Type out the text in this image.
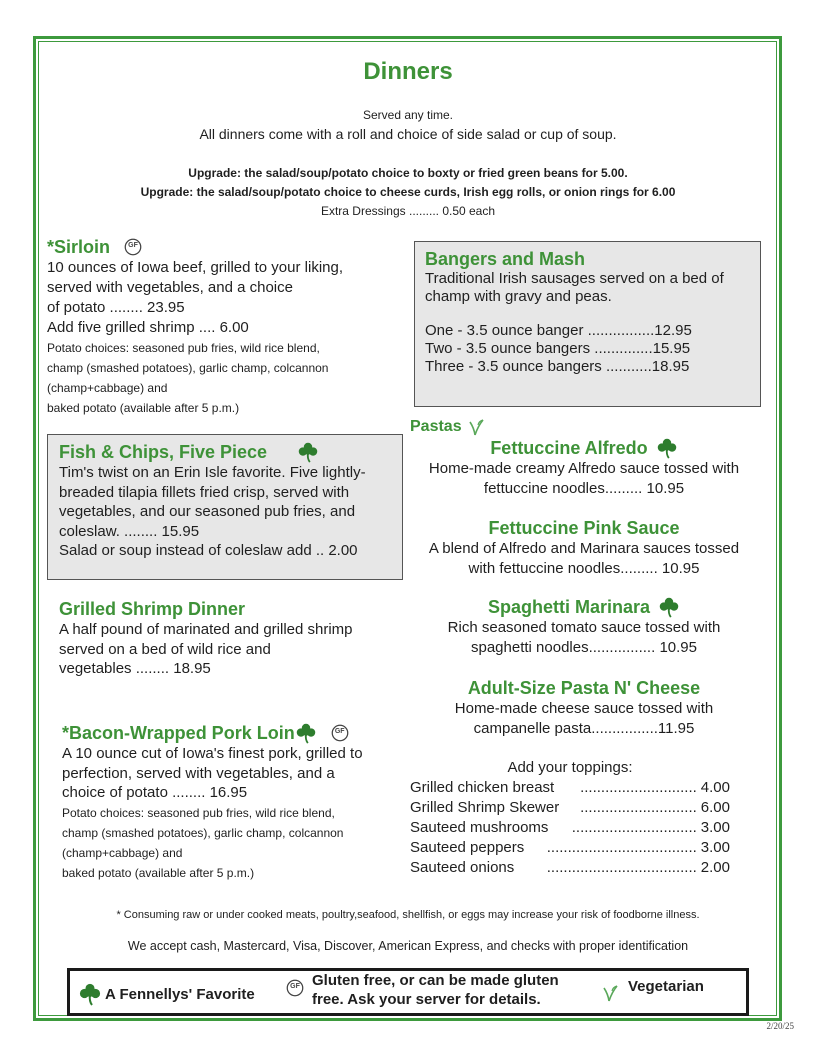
Dinners
Served any time.
All dinners come with a roll and choice of side salad or cup of soup.
Upgrade: the salad/soup/potato choice to boxty or fried green beans for 5.00.
Upgrade: the salad/soup/potato choice to cheese curds, Irish egg rolls, or onion rings for 6.00
Extra Dressings ......... 0.50 each
*Sirloin	GF
10 ounces of Iowa beef, grilled to your liking,
served with vegetables, and a choice
of potato ........ 23.95
Add five grilled shrimp .... 6.00
Potato choices: seasoned pub fries, wild rice blend,
champ (smashed potatoes), garlic champ, colcannon
(champ+cabbage) and
baked potato (available after 5 p.m.)
Bangers and Mash
Traditional Irish sausages served on a bed of
champ with gravy and peas.
One - 3.5 ounce banger ................12.95
Two - 3.5 ounce bangers ..............15.95
Three - 3.5 ounce bangers ...........18.95
Fish & Chips, Five Piece
Tim's twist on an Erin Isle favorite. Five lightly-
breaded tilapia fillets fried crisp, served with
vegetables, and our seasoned pub fries, and
coleslaw. ........ 15.95
Salad or soup instead of coleslaw add .. 2.00
Grilled Shrimp Dinner
A half pound of marinated and grilled shrimp
served on a bed of wild rice and
vegetables ........ 18.95
*Bacon-Wrapped Pork Loin	GF
A 10 ounce cut of Iowa's finest pork, grilled to
perfection, served with vegetables, and a
choice of potato ........ 16.95
Potato choices: seasoned pub fries, wild rice blend,
champ (smashed potatoes), garlic champ, colcannon
(champ+cabbage) and
baked potato (available after 5 p.m.)
Pastas
Fettuccine Alfredo
Home-made creamy Alfredo sauce tossed with
fettuccine noodles......... 10.95
Fettuccine Pink Sauce
A blend of Alfredo and Marinara sauces tossed
with fettuccine noodles......... 10.95
Spaghetti Marinara
Rich seasoned tomato sauce tossed with
spaghetti noodles................ 10.95
Adult-Size Pasta N' Cheese
Home-made cheese sauce tossed with
campanelle pasta................11.95
Add your toppings:
Grilled chicken breast	............................ 4.00
Grilled Shrimp Skewer	............................ 6.00
Sauteed mushrooms	.............................. 3.00
Sauteed peppers	.................................... 3.00
Sauteed onions	.................................... 2.00
* Consuming raw or under cooked meats, poultry,seafood, shellfish, or eggs may increase your risk of foodborne illness.
We accept cash, Mastercard, Visa, Discover, American Express, and checks with proper identification
A Fennellys' Favorite	GF Gluten free, or can be made gluten
free. Ask your server for details.
Vegetarian
2/20/25
